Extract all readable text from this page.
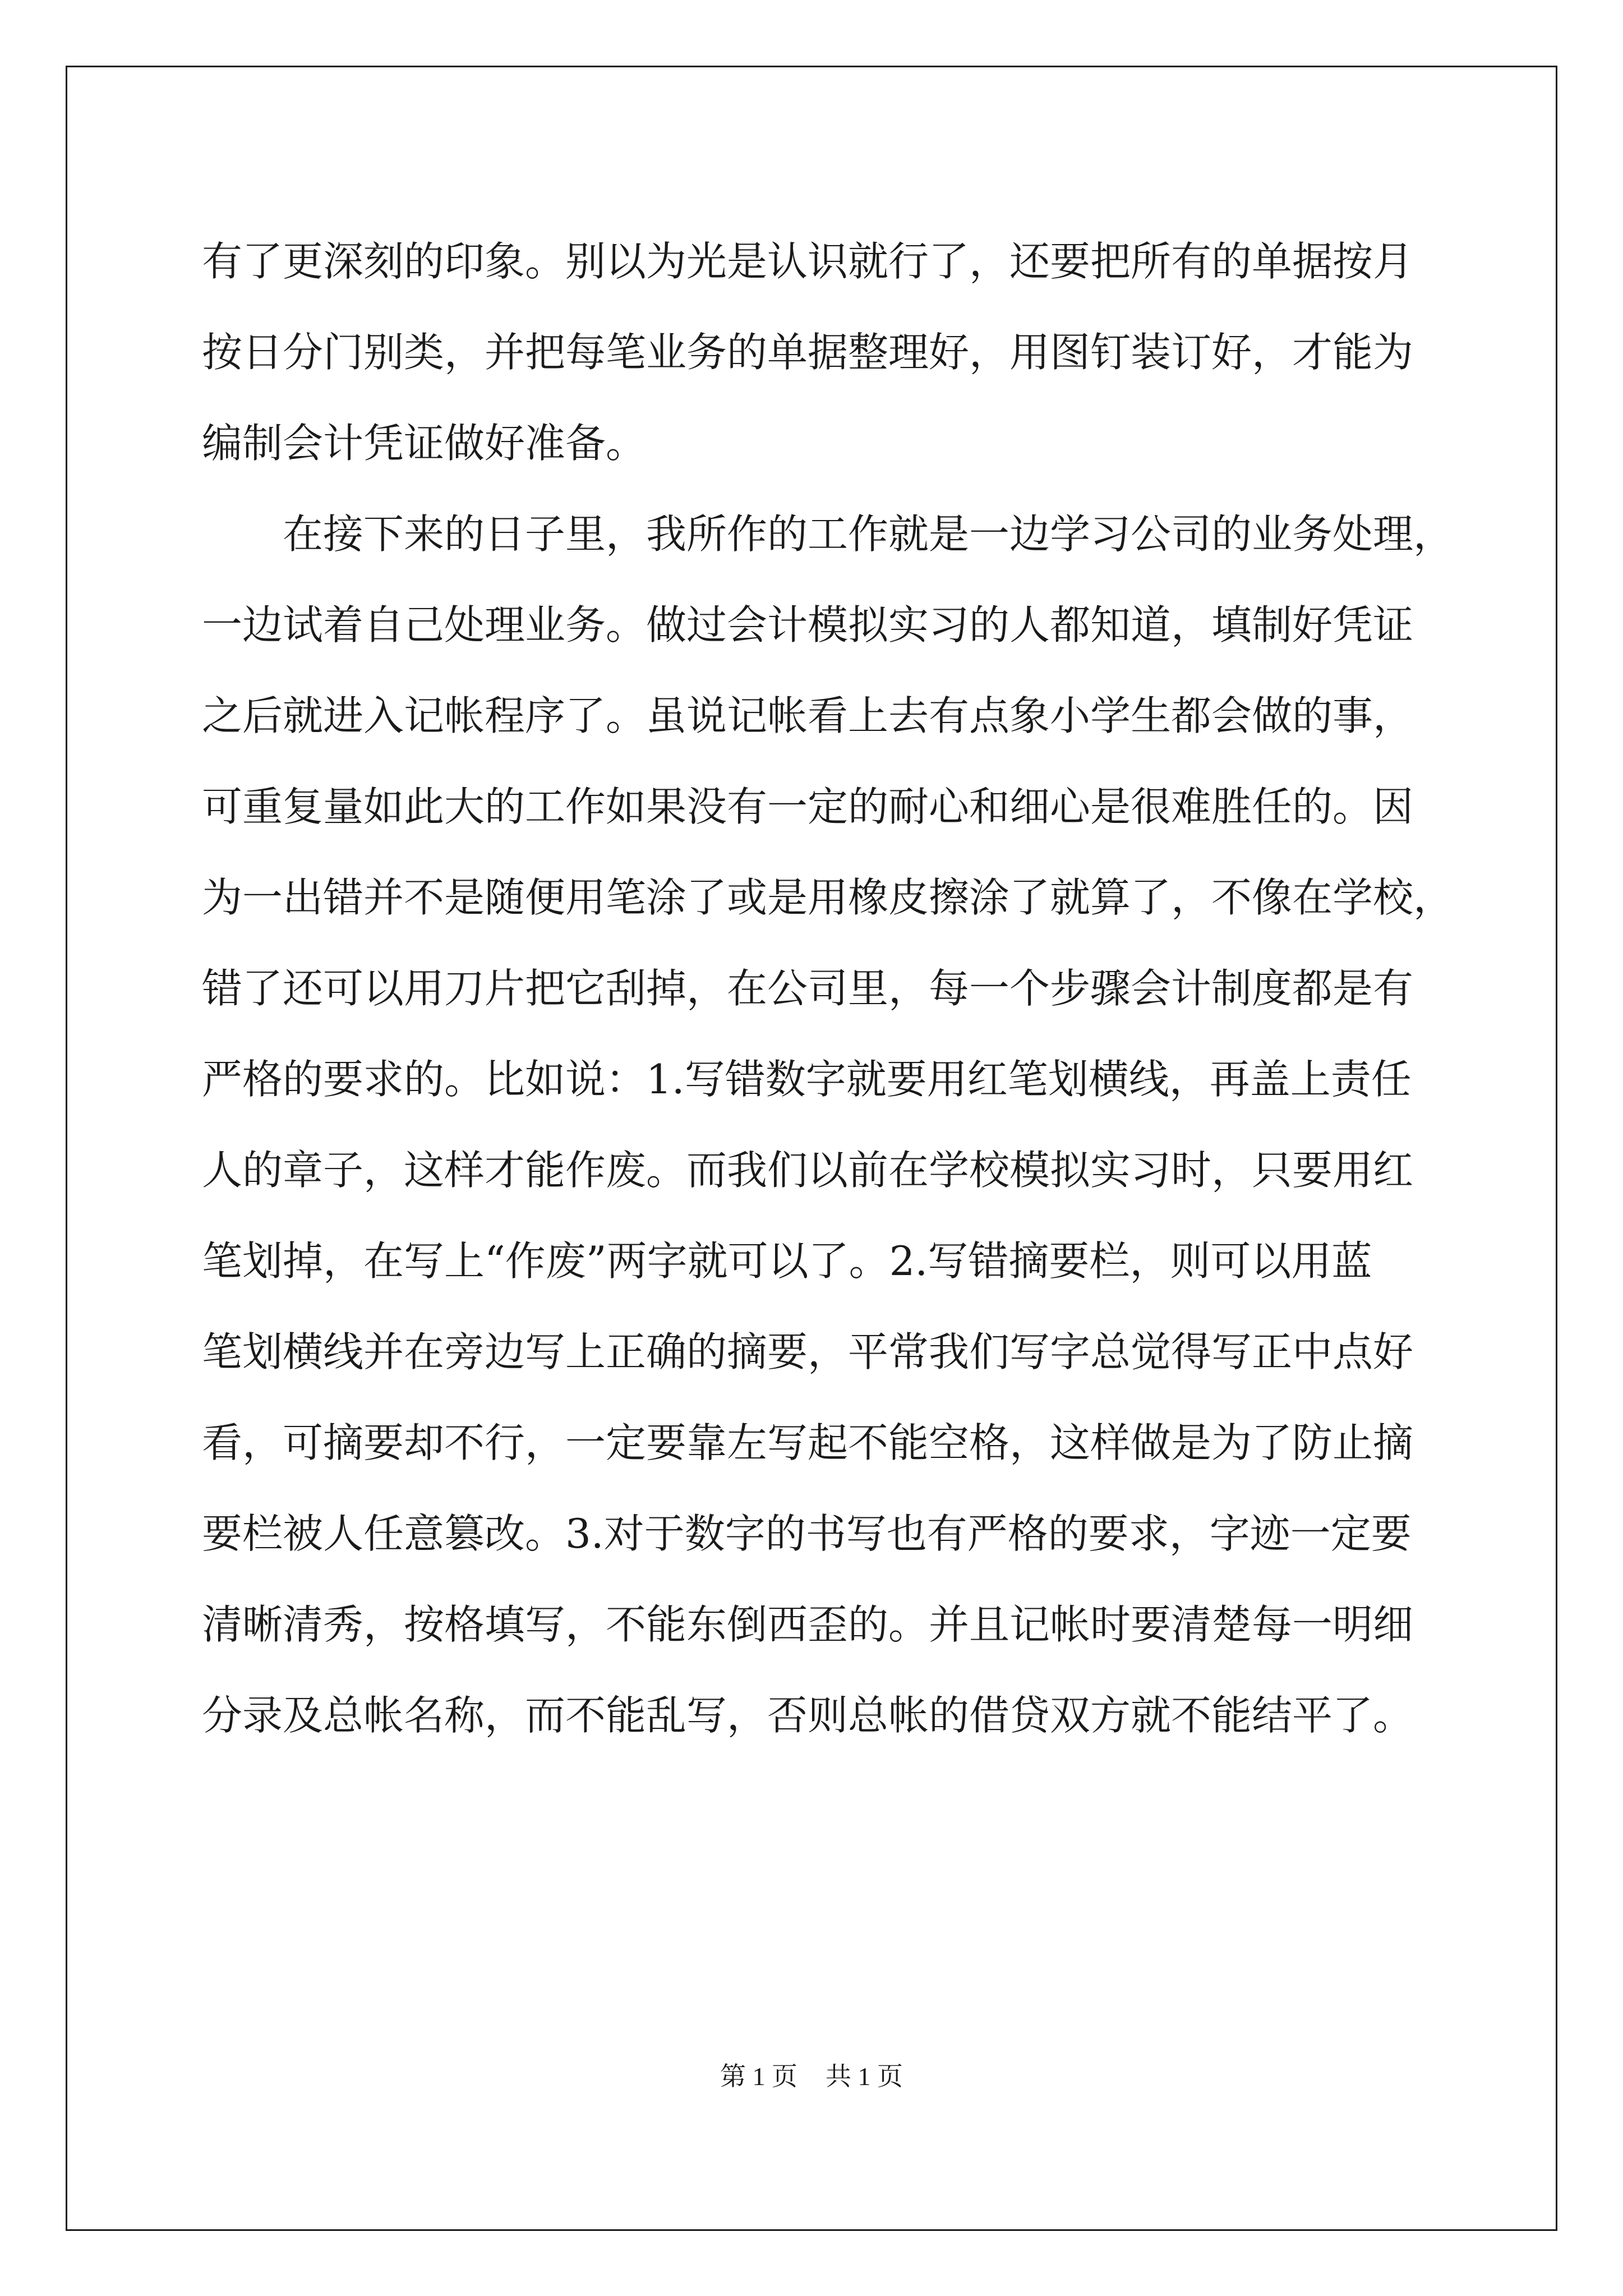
有了更深刻的印象。别以为光是认识就行了，还要把所有的单据按月
按日分门别类，并把每笔业务的单据整理好，用图钉装订好，才能为
编制会计凭证做好准备。
在接下来的日子里，我所作的工作就是一边学习公司的业务处理，
一边试着自己处理业务。做过会计模拟实习的人都知道，填制好凭证
之后就进入记帐程序了。虽说记帐看上去有点象小学生都会做的事，
可重复量如此大的工作如果没有一定的耐心和细心是很难胜任的。因
为一出错并不是随便用笔涂了或是用橡皮擦涂了就算了，不像在学校，
错了还可以用刀片把它刮掉，在公司里，每一个步骤会计制度都是有
严格的要求的。比如说：1.写错数字就要用红笔划横线，再盖上责任
人的章子，这样才能作废。而我们以前在学校模拟实习时，只要用红
笔划掉，在写上“作废”两字就可以了。2.写错摘要栏，则可以用蓝
笔划横线并在旁边写上正确的摘要，平常我们写字总觉得写正中点好
看，可摘要却不行，一定要靠左写起不能空格，这样做是为了防止摘
要栏被人任意篡改。3.对于数字的书写也有严格的要求，字迹一定要
清晰清秀，按格填写，不能东倒西歪的。并且记帐时要清楚每一明细
分录及总帐名称，而不能乱写，否则总帐的借贷双方就不能结平了。
第 1 页 共 1 页
